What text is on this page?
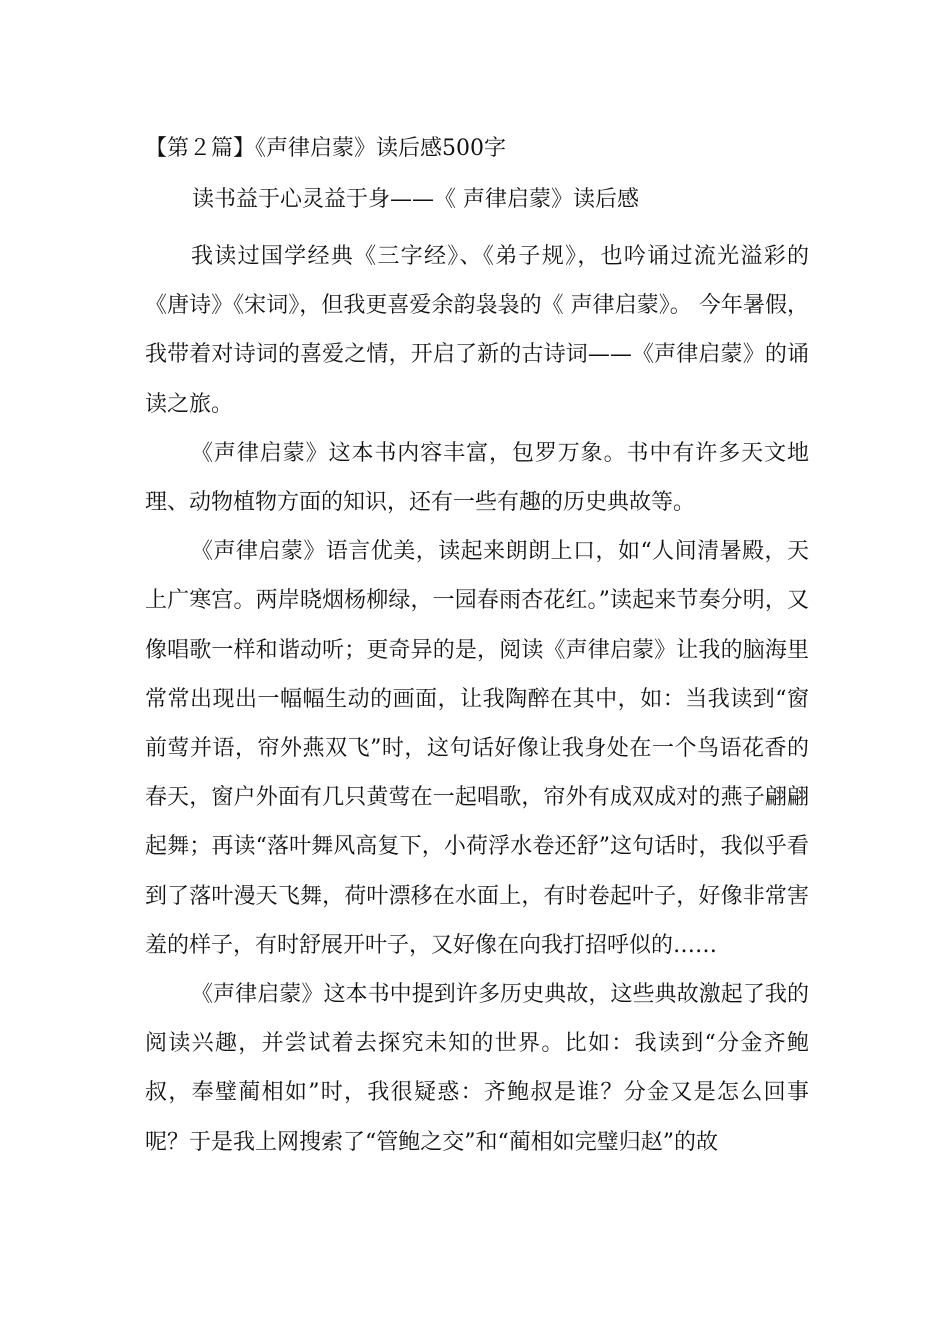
【第２篇】《声律启蒙》读后感500字
读书益于心灵益于身——《 声律启蒙》读后感

我读过国学经典《三字经》、《弟子规》，也吟诵过流光溢彩的《唐诗》《宋词》，但我更喜爱余韵袅袅的《 声律启蒙》。 今年暑假，我带着对诗词的喜爱之情，开启了新的古诗词——《声律启蒙》的诵读之旅。

《声律启蒙》这本书内容丰富，包罗万象。书中有许多天文地理、动物植物方面的知识，还有一些有趣的历史典故等。

《声律启蒙》语言优美，读起来朗朗上口，如“人间清暑殿，天上广寒宫。两岸晓烟杨柳绿，一园春雨杏花红。”读起来节奏分明，又像唱歌一样和谐动听；更奇异的是，阅读《声律启蒙》让我的脑海里常常出现出一幅幅生动的画面，让我陶醉在其中，如：当我读到“窗前莺并语，帘外燕双飞”时，这句话好像让我身处在一个鸟语花香的春天，窗户外面有几只黄莺在一起唱歌，帘外有成双成对的燕子翩翩起舞；再读“落叶舞风高复下，小荷浮水卷还舒”这句话时，我似乎看到了落叶漫天飞舞，荷叶漂移在水面上，有时卷起叶子，好像非常害羞的样子，有时舒展开叶子，又好像在向我打招呼似的……

《声律启蒙》这本书中提到许多历史典故，这些典故激起了我的阅读兴趣，并尝试着去探究未知的世界。比如：我读到“分金齐鲍叔，奉璧蔺相如”时，我很疑惑：齐鲍叔是谁？分金又是怎么回事呢？于是我上网搜索了“管鲍之交”和“蔺相如完璧归赵”的故
